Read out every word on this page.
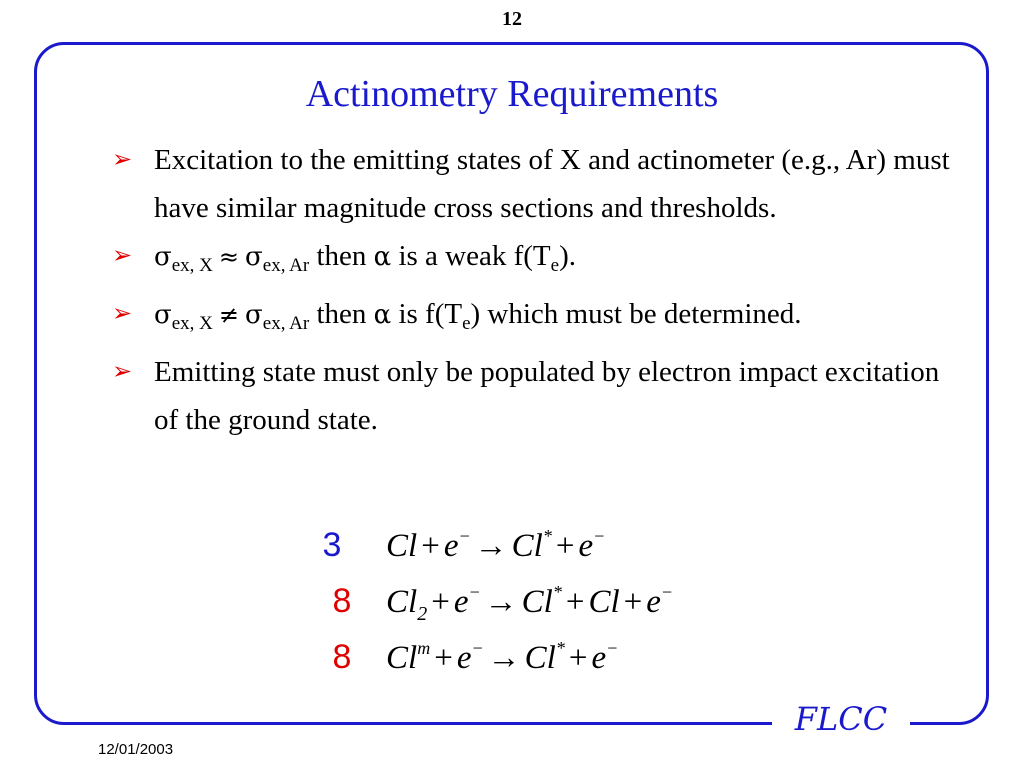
12
FLCC
Actinometry Requirements
➢ Excitation to the emitting states of X and actinometer (e.g., Ar) must have similar magnitude cross sections and thresholds.
➢ $\sigma_{ex, X} \approx \sigma_{ex, Ar}$ then α is a weak $f(T_e)$.
➢ $\sigma_{ex, X} \ne \sigma_{ex, Ar}$ then α is $f(T_e)$ which must be determined.
➢ Emitting state must only be populated by electron impact excitation of the ground state.
3	Cl + e− → Cl* + e−
8	$Cl_2 + e^- \to Cl^* + Cl + e^-$
8	$Cl^m + e^- \to Cl^* + e^-$
12/01/2003
